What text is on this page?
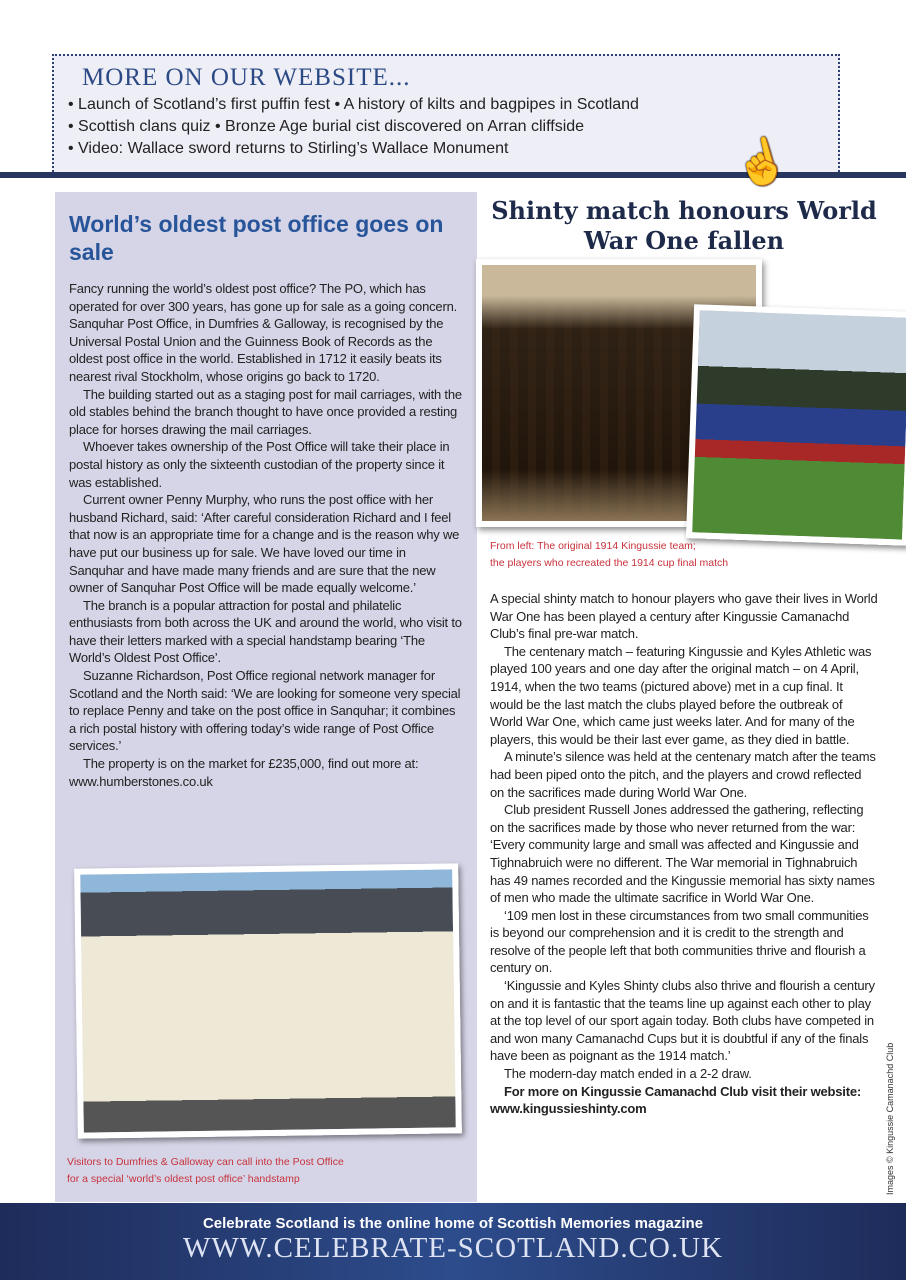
MORE ON OUR WEBSITE...

• Launch of Scotland’s first puffin fest • A history of kilts and bagpipes in Scotland

• Scottish clans quiz • Bronze Age burial cist discovered on Arran cliffside

• Video: Wallace sword returns to Stirling’s Wallace Monument	☝
World’s oldest post office goes on sale

Fancy running the world’s oldest post office? The PO, which has operated for over 300 years, has gone up for sale as a going concern. Sanquhar Post Office, in Dumfries & Galloway, is recognised by the Universal Postal Union and the Guinness Book of Records as the oldest post office in the world. Established in 1712 it easily beats its nearest rival Stockholm, whose origins go back to 1720.

The building started out as a staging post for mail carriages, with the old stables behind the branch thought to have once provided a resting place for horses drawing the mail carriages.

Whoever takes ownership of the Post Office will take their place in postal history as only the sixteenth custodian of the property since it was established.

Current owner Penny Murphy, who runs the post office with her husband Richard, said: ‘After careful consideration Richard and I feel that now is an appropriate time for a change and is the reason why we have put our business up for sale. We have loved our time in Sanquhar and have made many friends and are sure that the new owner of Sanquhar Post Office will be made equally welcome.’

The branch is a popular attraction for postal and philatelic enthusiasts from both across the UK and around the world, who visit to have their letters marked with a special handstamp bearing ‘The World’s Oldest Post Office’.

Suzanne Richardson, Post Office regional network manager for Scotland and the North said: ‘We are looking for someone very special to replace Penny and take on the post office in Sanquhar; it combines a rich postal history with offering today’s wide range of Post Office services.’

The property is on the market for £235,000, find out more at: www.humberstones.co.uk

Visitors to Dumfries & Galloway can call into the Post Office
for a special ‘world’s oldest post office’ handstamp
Shinty match honours World War One fallen
From left: The original 1914 Kingussie team;
the players who recreated the 1914 cup final match

A special shinty match to honour players who gave their lives in World War One has been played a century after Kingussie Camanachd Club’s final pre-war match.

The centenary match – featuring Kingussie and Kyles Athletic was played 100 years and one day after the original match – on 4 April, 1914, when the two teams (pictured above) met in a cup final. It would be the last match the clubs played before the outbreak of World War One, which came just weeks later. And for many of the players, this would be their last ever game, as they died in battle.

A minute’s silence was held at the centenary match after the teams had been piped onto the pitch, and the players and crowd reflected on the sacrifices made during World War One.

Club president Russell Jones addressed the gathering, reflecting on the sacrifices made by those who never returned from the war: ‘Every community large and small was affected and Kingussie and Tighnabruich were no different. The War memorial in Tighnabruich has 49 names recorded and the Kingussie memorial has sixty names of men who made the ultimate sacrifice in World War One.

‘109 men lost in these circumstances from two small communities is beyond our comprehension and it is credit to the strength and resolve of the people left that both communities thrive and flourish a century on.

‘Kingussie and Kyles Shinty clubs also thrive and flourish a century on and it is fantastic that the teams line up against each other to play at the top level of our sport again today. Both clubs have competed in and won many Camanachd Cups but it is doubtful if any of the finals have been as poignant as the 1914 match.’

The modern-day match ended in a 2-2 draw.

For more on Kingussie Camanachd Club visit their website:

www.kingussieshinty.com	Images © Kingussie Camanachd Club
Celebrate Scotland is the online home of Scottish Memories magazine
WWW.CELEBRATE-SCOTLAND.CO.UK
